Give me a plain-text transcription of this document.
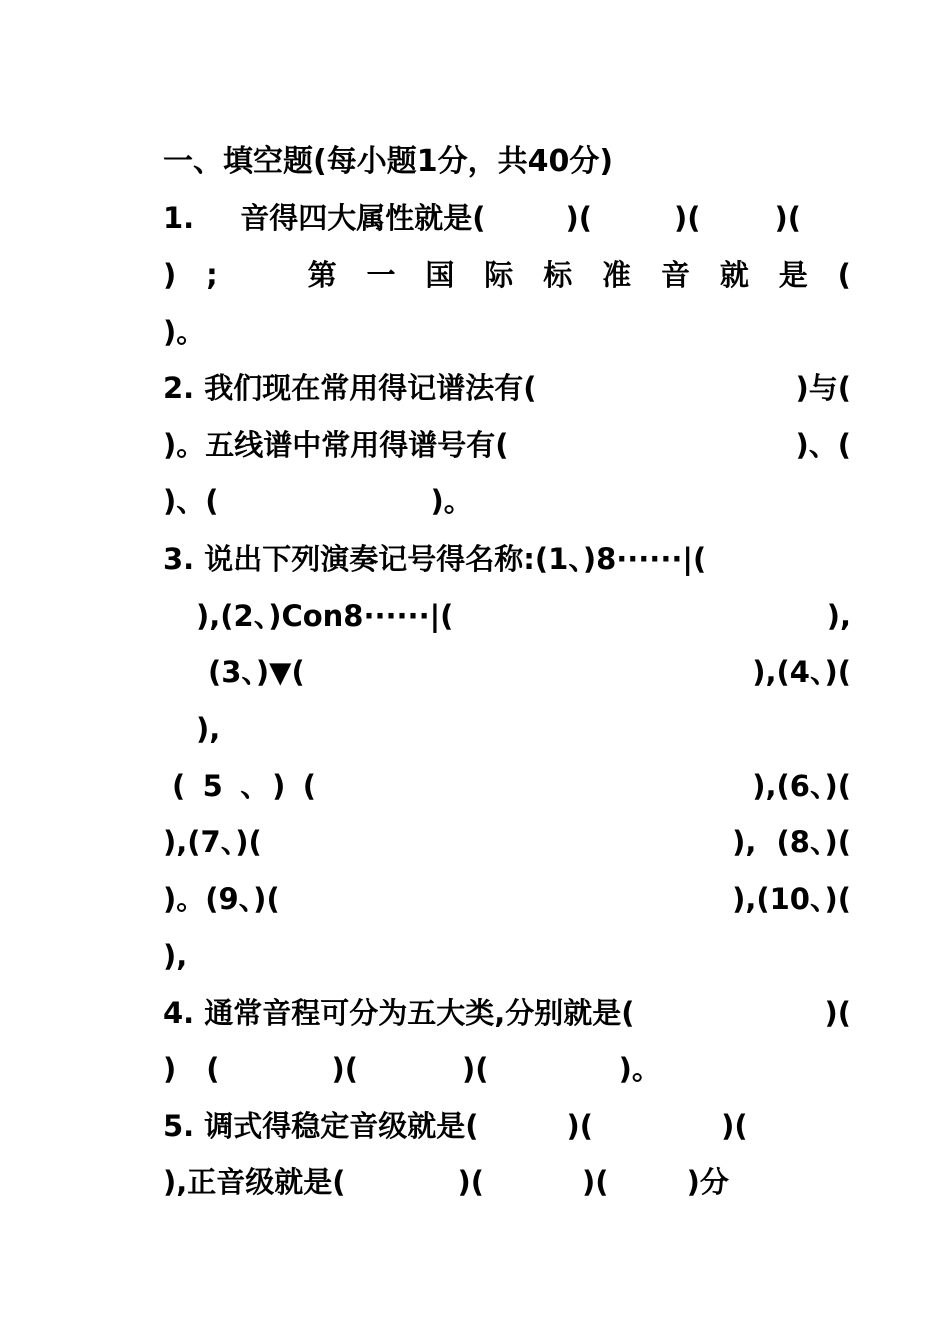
一、填空题(每小题1分，共40分)
1. 音得四大属性就是(	)(	)(	)(
) ;	第 一 国 际 标 准 音 就 是 (
)。
2. 我们现在常用得记谱法有(	)与(
)。五线谱中常用得谱号有(	)、(
)、(	)。
3. 说出下列演奏记号得名称:(1、)8······|(
),(2、)Con8······|(	),
(3、)▼(	),(4、)(
),
(5、)(	),(6、)(
),(7、)(	),  (8、)(
)。(9、)(	),(10、)(
),
4. 通常音程可分为五大类,分别就是(	)(
) (	)(	)(	)。
5. 调式得稳定音级就是(	)(	)(
),正音级就是(	)(	)(	)分
